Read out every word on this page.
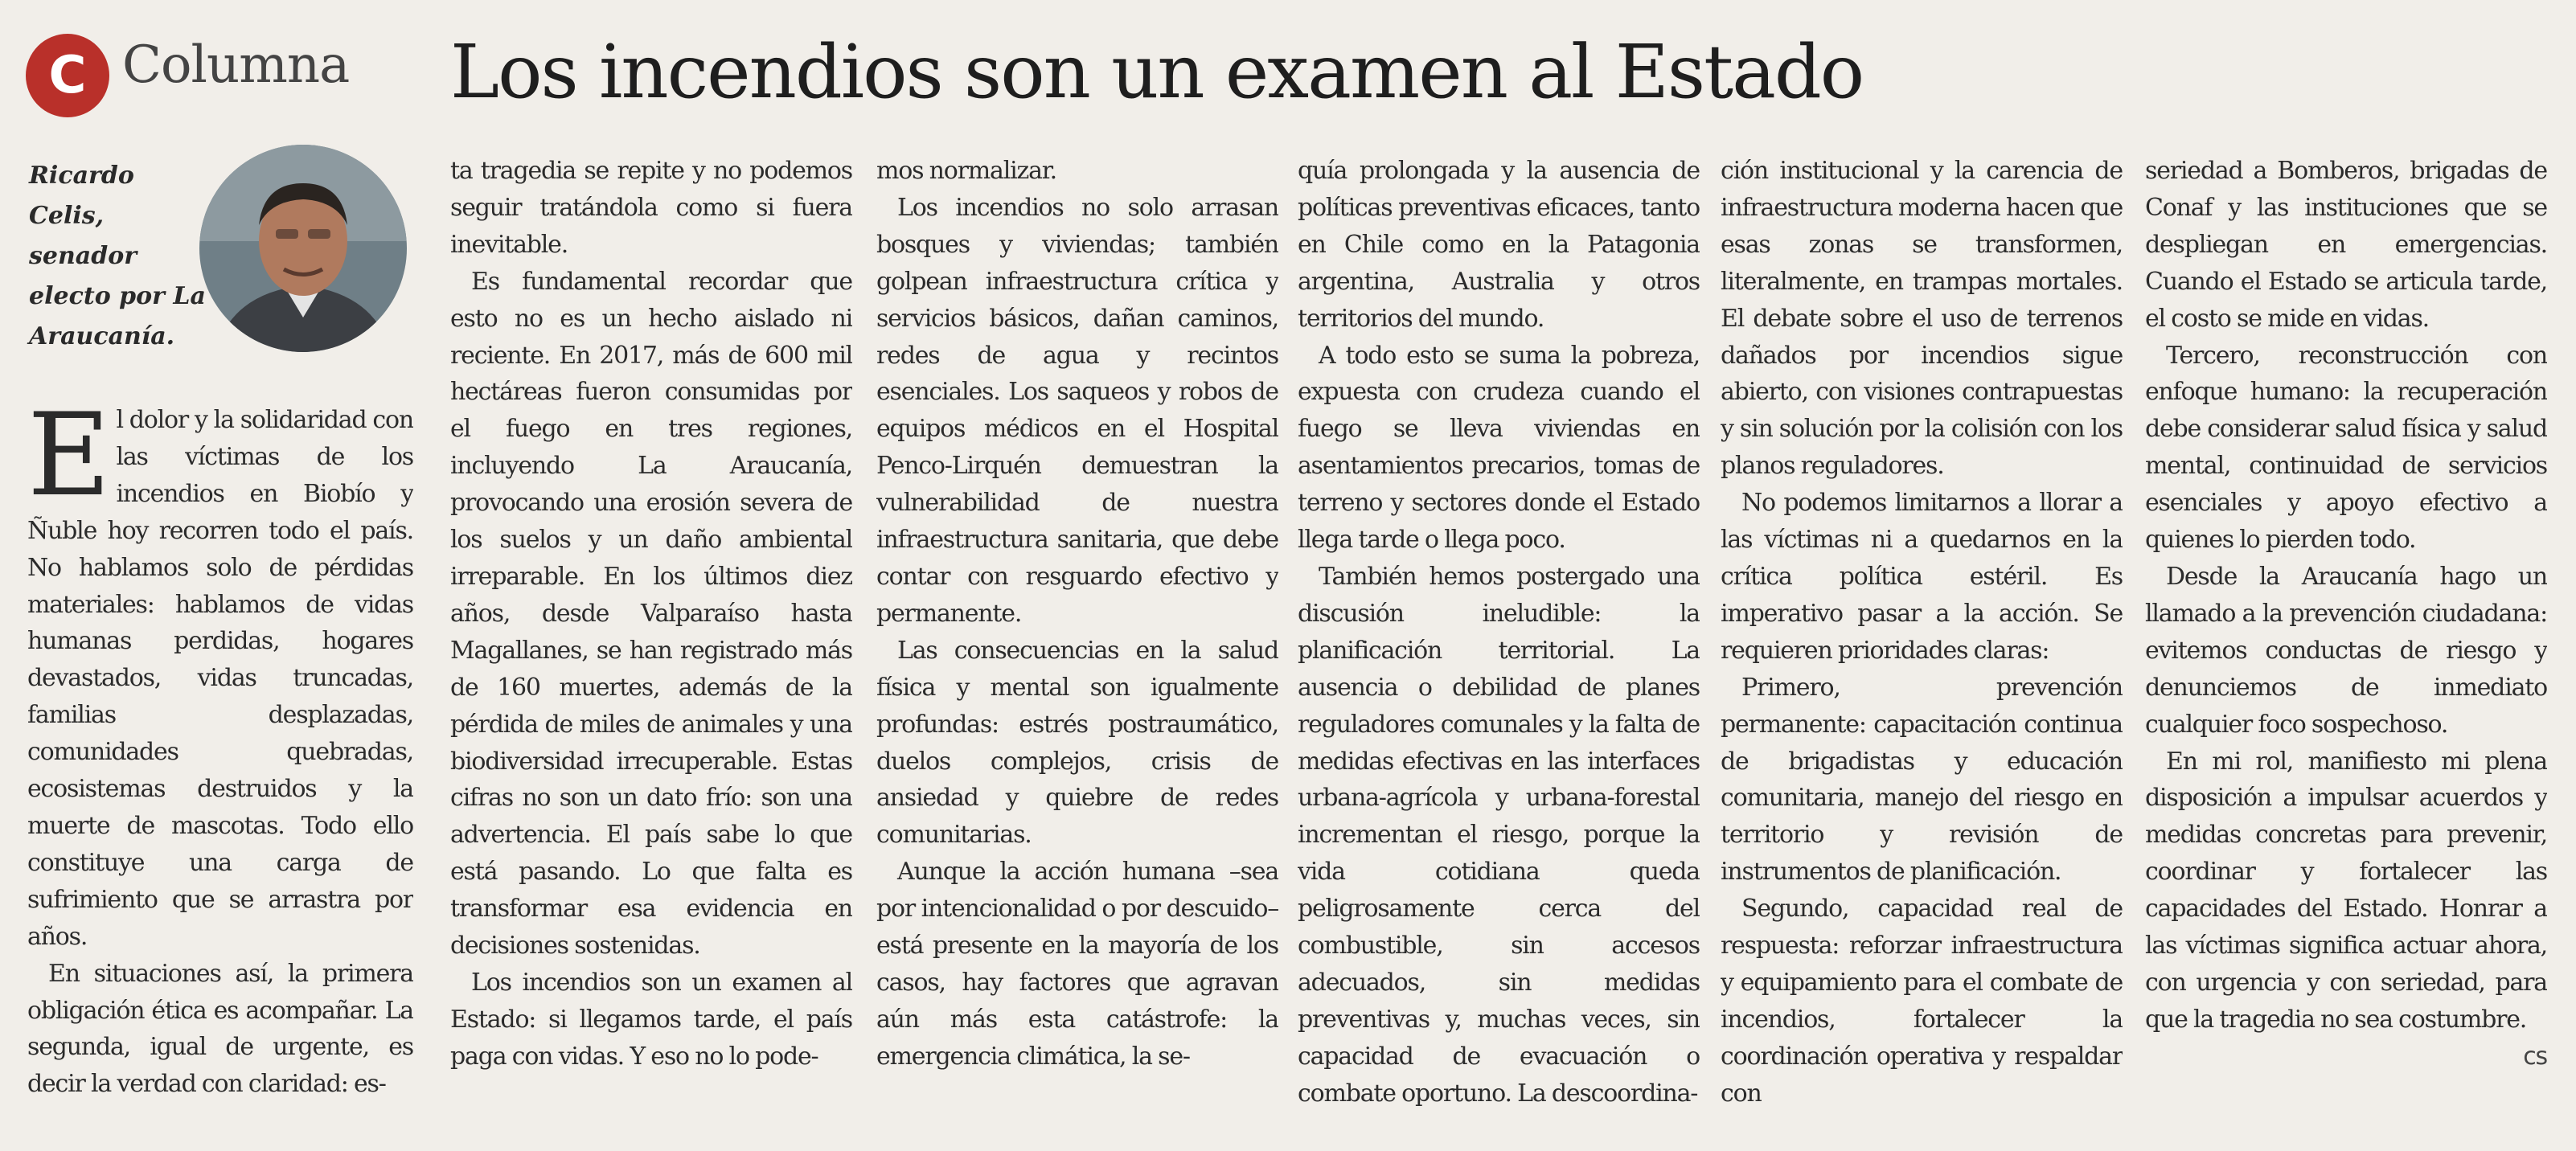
C Columna Los incendios son un examen al Estado
Ricardo Celis, senador electo por La Araucanía.

El dolor y la solidaridad con las víctimas de los incendios en Biobío y Ñuble hoy recorren todo el país. No hablamos solo de pérdidas materiales: hablamos de vidas humanas perdidas, hogares devastados, vidas truncadas, familias desplazadas, comunidades quebradas, ecosistemas destruidos y la muerte de mascotas. Todo ello constituye una carga de sufrimiento que se arrastra por años.

En situaciones así, la primera obligación ética es acompañar. La segunda, igual de urgente, es decir la verdad con claridad: es-

ta tragedia se repite y no podemos seguir tratándola como si fuera inevitable.

Es fundamental recordar que esto no es un hecho aislado ni reciente. En 2017, más de 600 mil hectáreas fueron consumidas por el fuego en tres regiones, incluyendo La Araucanía, provocando una erosión severa de los suelos y un daño ambiental irreparable. En los últimos diez años, desde Valparaíso hasta Magallanes, se han registrado más de 160 muertes, además de la pérdida de miles de animales y una biodiversidad irrecuperable. Estas cifras no son un dato frío: son una advertencia. El país sabe lo que está pasando. Lo que falta es transformar esa evidencia en decisiones sostenidas.

Los incendios son un examen al Estado: si llegamos tarde, el país paga con vidas. Y eso no lo pode-

mos normalizar.

Los incendios no solo arrasan bosques y viviendas; también golpean infraestructura crítica y servicios básicos, dañan caminos, redes de agua y recintos esenciales. Los saqueos y robos de equipos médicos en el Hospital Penco-Lirquén demuestran la vulnerabilidad de nuestra infraestructura sanitaria, que debe contar con resguardo efectivo y permanente.

Las consecuencias en la salud física y mental son igualmente profundas: estrés postraumático, duelos complejos, crisis de ansiedad y quiebre de redes comunitarias.

Aunque la acción humana –sea por intencionalidad o por descuido– está presente en la mayoría de los casos, hay factores que agravan aún más esta catástrofe: la emergencia climática, la se-

quía prolongada y la ausencia de políticas preventivas eficaces, tanto en Chile como en la Patagonia argentina, Australia y otros territorios del mundo.

A todo esto se suma la pobreza, expuesta con crudeza cuando el fuego se lleva viviendas en asentamientos precarios, tomas de terreno y sectores donde el Estado llega tarde o llega poco.

También hemos postergado una discusión ineludible: la planificación territorial. La ausencia o debilidad de planes reguladores comunales y la falta de medidas efectivas en las interfaces urbana-agrícola y urbana-forestal incrementan el riesgo, porque la vida cotidiana queda peligrosamente cerca del combustible, sin accesos adecuados, sin medidas preventivas y, muchas veces, sin capacidad de evacuación o combate oportuno. La descoordina-

ción institucional y la carencia de infraestructura moderna hacen que esas zonas se transformen, literalmente, en trampas mortales. El debate sobre el uso de terrenos dañados por incendios sigue abierto, con visiones contrapuestas y sin solución por la colisión con los planos reguladores.

No podemos limitarnos a llorar a las víctimas ni a quedarnos en la crítica política estéril. Es imperativo pasar a la acción. Se requieren prioridades claras:

Primero, prevención permanente: capacitación continua de brigadistas y educación comunitaria, manejo del riesgo en territorio y revisión de instrumentos de planificación.

Segundo, capacidad real de respuesta: reforzar infraestructura y equipamiento para el combate de incendios, fortalecer la coordinación operativa y respaldar con

seriedad a Bomberos, brigadas de Conaf y las instituciones que se despliegan en emergencias. Cuando el Estado se articula tarde, el costo se mide en vidas.

Tercero, reconstrucción con enfoque humano: la recuperación debe considerar salud física y salud mental, continuidad de servicios esenciales y apoyo efectivo a quienes lo pierden todo.

Desde la Araucanía hago un llamado a la prevención ciudadana: evitemos conductas de riesgo y denunciemos de inmediato cualquier foco sospechoso.

En mi rol, manifiesto mi plena disposición a impulsar acuerdos y medidas concretas para prevenir, coordinar y fortalecer las capacidades del Estado. Honrar a las víctimas significa actuar ahora, con urgencia y con seriedad, para que la tragedia no sea costumbre.
cs
